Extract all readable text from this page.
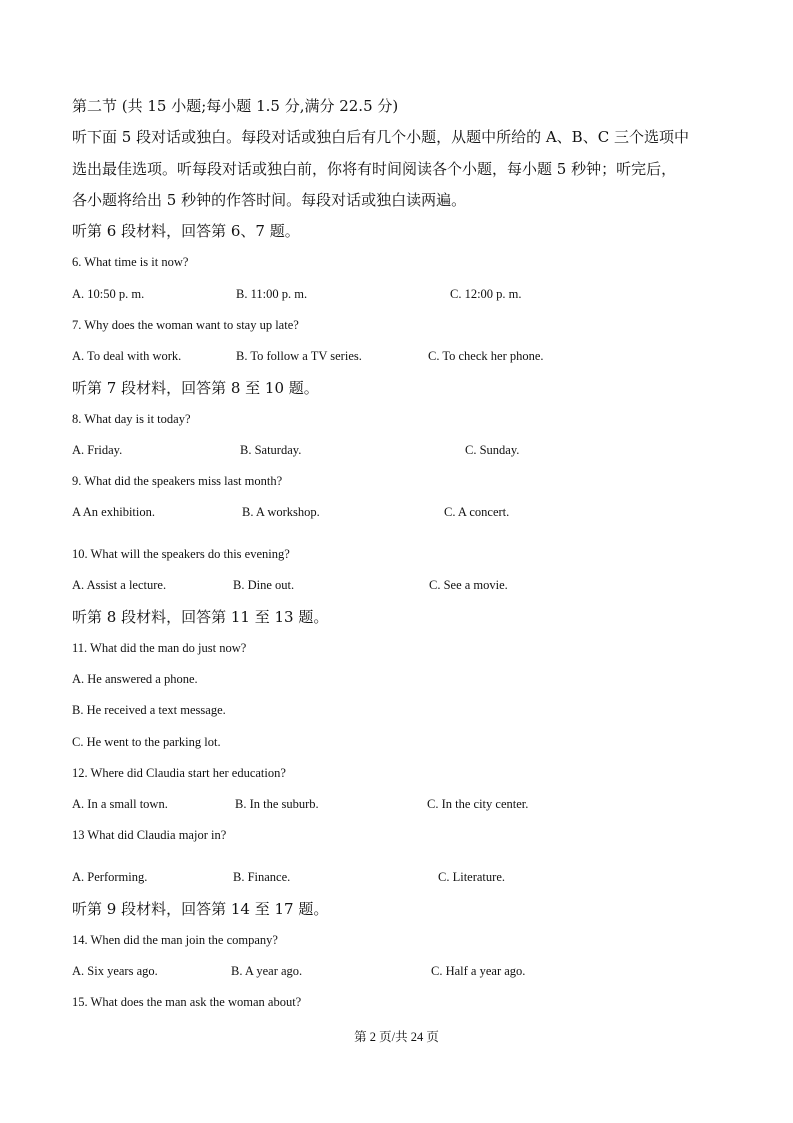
第二节 (共 15 小题;每小题 1.5 分,满分 22.5 分)
听下面 5 段对话或独白。每段对话或独白后有几个小题，从题中所给的 A、B、C 三个选项中
选出最佳选项。听每段对话或独白前，你将有时间阅读各个小题，每小题 5 秒钟；听完后，
各小题将给出 5 秒钟的作答时间。每段对话或独白读两遍。
听第 6 段材料，回答第 6、7 题。
6. What time is it now?
A. 10:50 p. m.	B. 11:00 p. m.	C. 12:00 p. m.
7. Why does the woman want to stay up late?
A. To deal with work.	B. To follow a TV series.	C. To check her phone.
听第 7 段材料，回答第 8 至 10 题。
8. What day is it today?
A. Friday.	B. Saturday.	C. Sunday.
9. What did the speakers miss last month?
A An exhibition.	B. A workshop.	C. A concert.
10. What will the speakers do this evening?
A. Assist a lecture.	B. Dine out.	C. See a movie.
听第 8 段材料，回答第 11 至 13 题。
11. What did the man do just now?
A. He answered a phone.
B. He received a text message.
C. He went to the parking lot.
12. Where did Claudia start her education?
A. In a small town.	B. In the suburb.	C. In the city center.
13 What did Claudia major in?
A. Performing.	B. Finance.	C. Literature.
听第 9 段材料，回答第 14 至 17 题。
14. When did the man join the company?
A. Six years ago.	B. A year ago.	C. Half a year ago.
15. What does the man ask the woman about?
第 2 页/共 24 页
